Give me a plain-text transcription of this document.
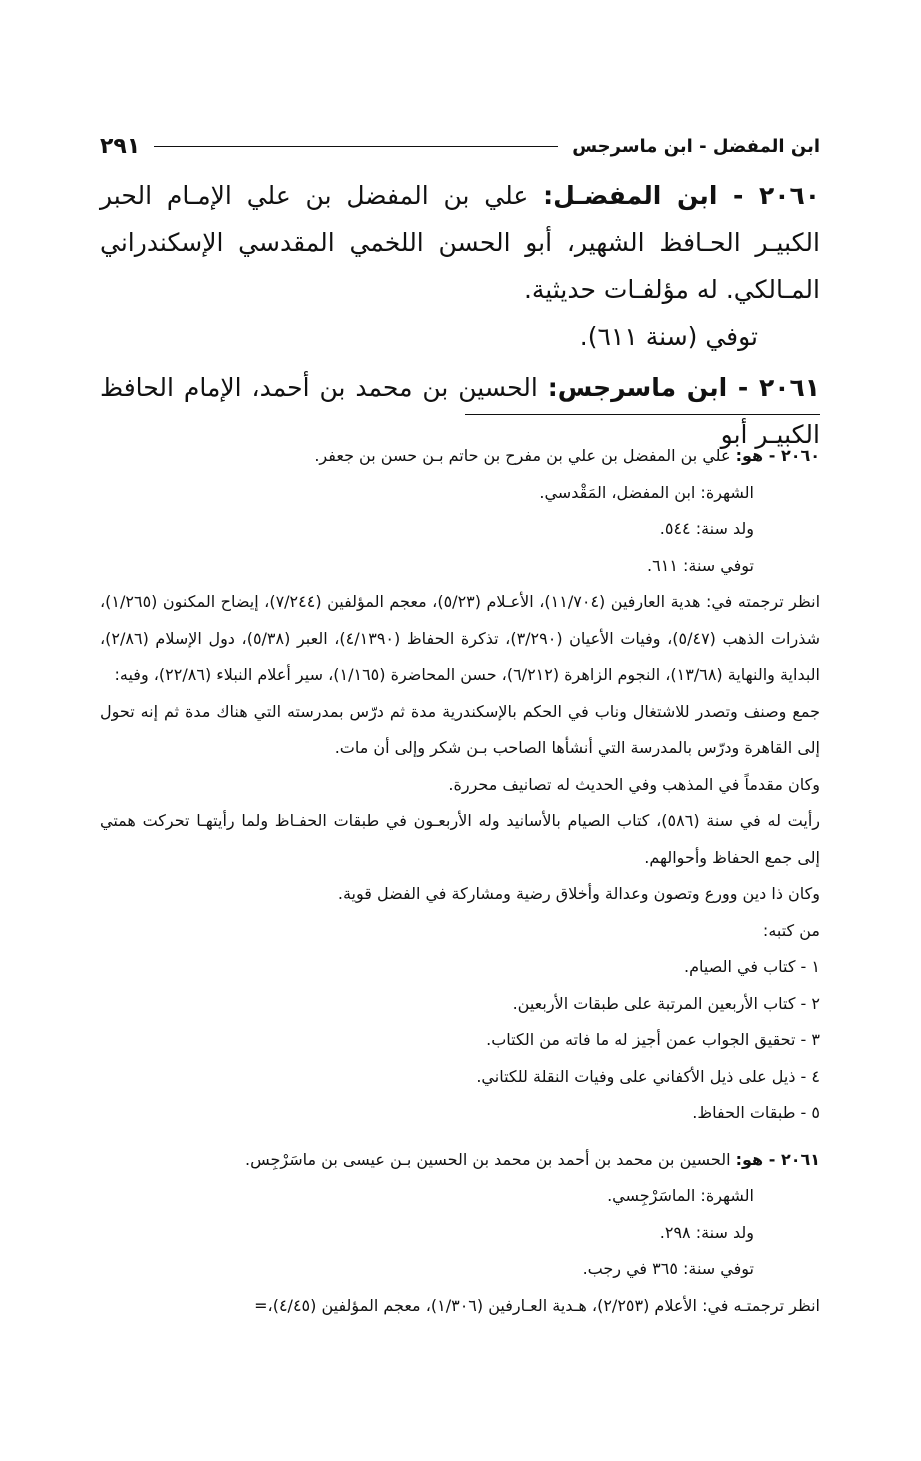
ابن المفضل - ابن ماسرجس
٢٩١

٢٠٦٠ - ابن المفضـل: علي بن المفضل بن علي الإمـام الحبر الكبيـر الحـافظ الشهير، أبو الحسن اللخمي المقدسي الإسكندراني المـالكي. له مؤلفـات حديثية.

توفي (سنة ٦١١).

٢٠٦١ - ابن ماسرجس: الحسين بن محمد بن أحمد، الإمام الحافظ الكبيـر أبو

٢٠٦٠ - هو: علي بن المفضل بن علي بن مفرح بن حاتم بـن حسن بن جعفر.

الشهرة: ابن المفضل، المَقْدسي.

ولد سنة: ٥٤٤.

توفي سنة: ٦١١.

انظر ترجمته في: هدية العارفين (١١/٧٠٤)، الأعـلام (٥/٢٣)، معجم المؤلفين (٧/٢٤٤)، إيضاح المكنون (١/٢٦٥)، شذرات الذهب (٥/٤٧)، وفيات الأعيان (٣/٢٩٠)، تذكرة الحفاظ (٤/١٣٩٠)، العبر (٥/٣٨)، دول الإسلام (٢/٨٦)، البداية والنهاية (١٣/٦٨)، النجوم الزاهرة (٦/٢١٢)، حسن المحاضرة (١/١٦٥)، سير أعلام النبلاء (٢٢/٨٦)، وفيه:

جمع وصنف وتصدر للاشتغال وناب في الحكم بالإسكندرية مدة ثم درّس بمدرسته التي هناك مدة ثم إنه تحول إلى القاهرة ودرّس بالمدرسة التي أنشأها الصاحب بـن شكر وإلى أن مات.

وكان مقدماً في المذهب وفي الحديث له تصانيف محررة.

رأيت له في سنة (٥٨٦)، كتاب الصيام بالأسانيد وله الأربعـون في طبقات الحفـاظ ولما رأيتهـا تحركت همتي إلى جمع الحفاظ وأحوالهم.

وكان ذا دين وورع وتصون وعدالة وأخلاق رضية ومشاركة في الفضل قوية.

من كتبه:

١ - كتاب في الصيام.

٢ - كتاب الأربعين المرتبة على طبقات الأربعين.

٣ - تحقيق الجواب عمن أجيز له ما فاته من الكتاب.

٤ - ذيل على ذيل الأكفاني على وفيات النقلة للكتاني.

٥ - طبقات الحفاظ.

٢٠٦١ - هو: الحسين بن محمد بن أحمد بن محمد بن الحسين بـن عيسى بن ماسَرْجِس.

الشهرة: الماسَرْجِسي.

ولد سنة: ٢٩٨.

توفي سنة: ٣٦٥ في رجب.

انظر ترجمتـه في: الأعلام (٢/٢٥٣)، هـدية العـارفين (١/٣٠٦)، معجم المؤلفين (٤/٤٥)،=
